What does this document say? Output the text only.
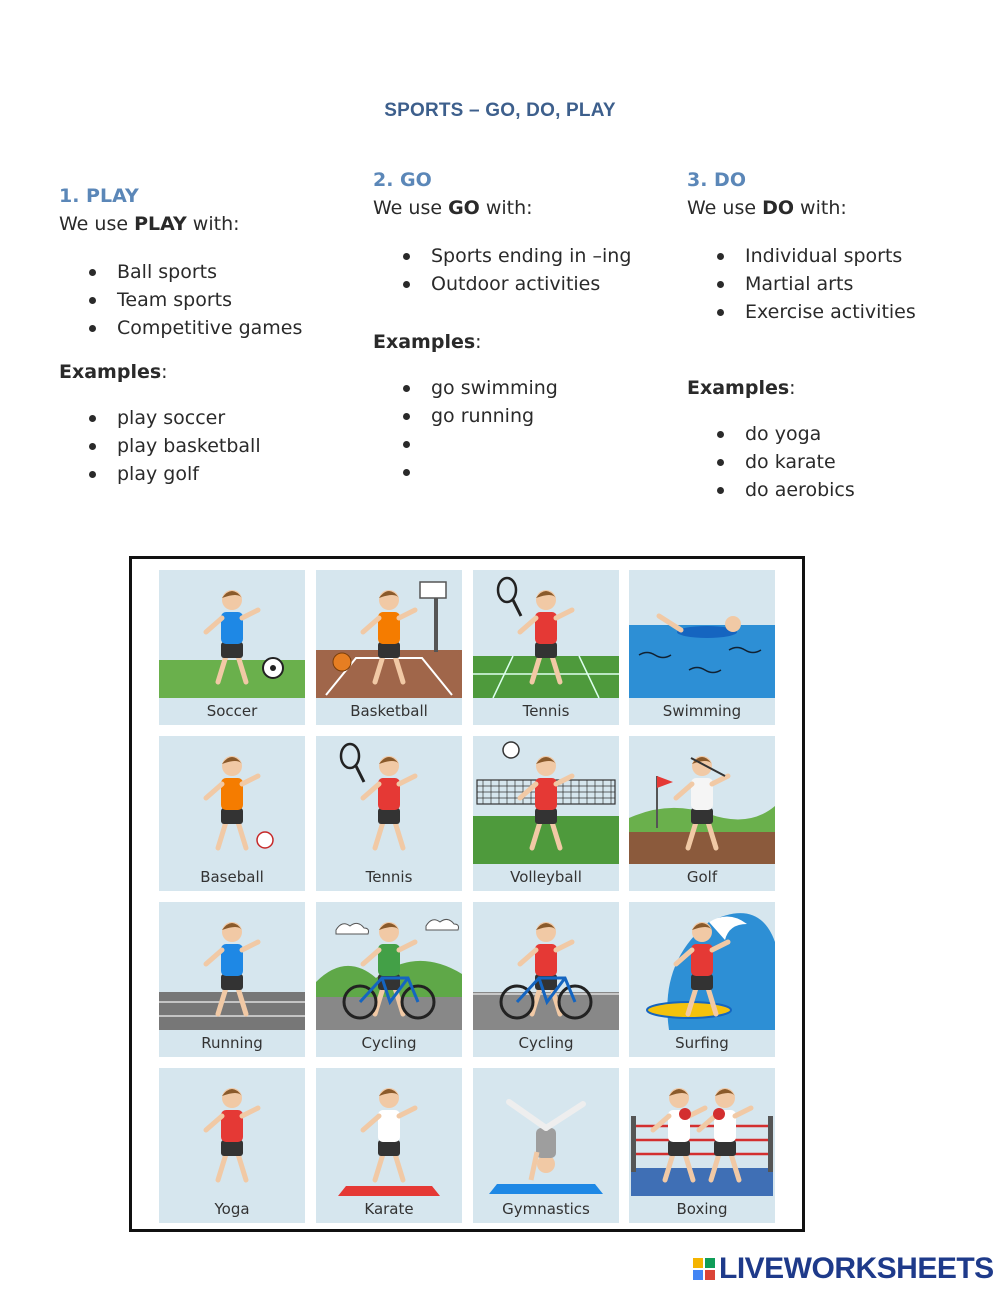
SPORTS – GO, DO, PLAY
1. PLAY

We use PLAY with:

Ball sports
Team sports
Competitive games

Examples:

play soccer
play basketball
play golf
2. GO

We use GO with:

Sports ending in –ing
Outdoor activities

Examples:

go swimming
go running
3. DO

We use DO with:

Individual sports
Martial arts
Exercise activities

Examples:

do yoga
do karate
do aerobics
Soccer	Basketball	Tennis	Swimming
Baseball	Tennis	Volleyball	Golf
Running	Cycling	Cycling	Surfing
Yoga	Karate	Gymnastics	Boxing
LIVEWORKSHEETS
